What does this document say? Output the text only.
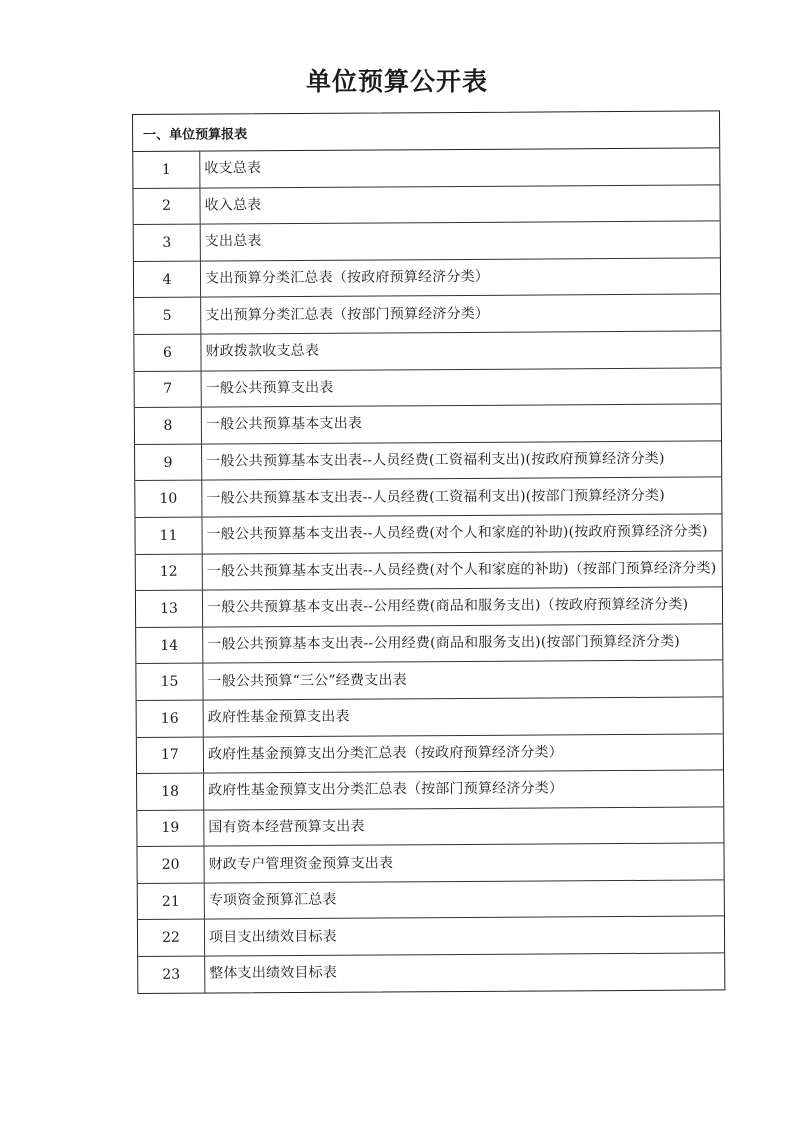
单位预算公开表
一、单位预算报表
1	收支总表
2	收入总表
3	支出总表
4	支出预算分类汇总表（按政府预算经济分类）
5	支出预算分类汇总表（按部门预算经济分类）
6	财政拨款收支总表
7	一般公共预算支出表
8	一般公共预算基本支出表
9	一般公共预算基本支出表--人员经费(工资福利支出)(按政府预算经济分类)
10	一般公共预算基本支出表--人员经费(工资福利支出)(按部门预算经济分类)
11	一般公共预算基本支出表--人员经费(对个人和家庭的补助)(按政府预算经济分类)
12	一般公共预算基本支出表--人员经费(对个人和家庭的补助)（按部门预算经济分类)
13	一般公共预算基本支出表--公用经费(商品和服务支出)（按政府预算经济分类)
14	一般公共预算基本支出表--公用经费(商品和服务支出)(按部门预算经济分类)
15	一般公共预算“三公”经费支出表
16	政府性基金预算支出表
17	政府性基金预算支出分类汇总表（按政府预算经济分类）
18	政府性基金预算支出分类汇总表（按部门预算经济分类）
19	国有资本经营预算支出表
20	财政专户管理资金预算支出表
21	专项资金预算汇总表
22	项目支出绩效目标表
23	整体支出绩效目标表
